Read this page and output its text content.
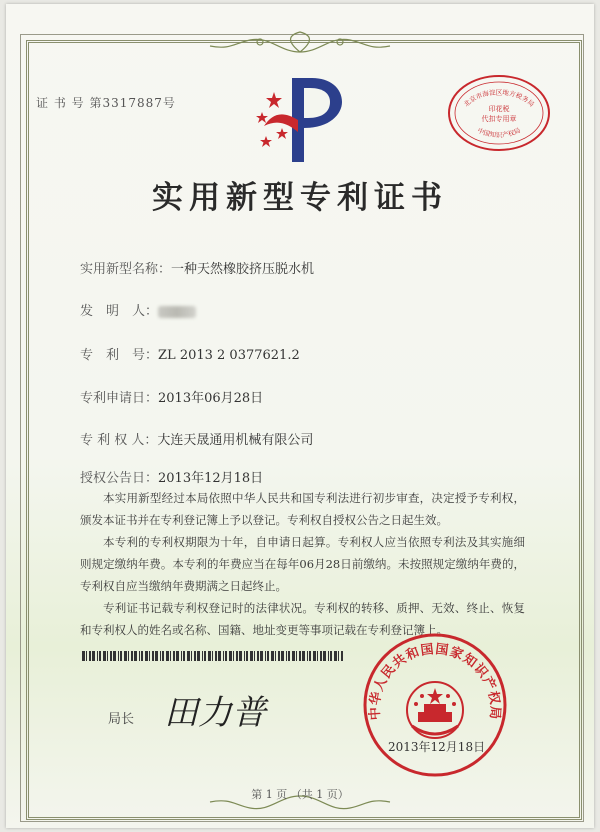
证 书 号 第3317887号	北京市海淀区地方税务局
印花税
代扣专用章
中国知识产权局
实用新型专利证书
实用新型名称：一种天然橡胶挤压脱水机
发　明　人：
专　利　号：ZL 2013 2 0377621.2
专利申请日：2013年06月28日
专 利 权 人：大连天晟通用机械有限公司
授权公告日：2013年12月18日

本实用新型经过本局依照中华人民共和国专利法进行初步审查，决定授予专利权，颁发本证书并在专利登记簿上予以登记。专利权自授权公告之日起生效。

本专利的专利权期限为十年，自申请日起算。专利权人应当依照专利法及其实施细则规定缴纳年费。本专利的年费应当在每年06月28日前缴纳。未按照规定缴纳年费的，专利权自应当缴纳年费期满之日起终止。

专利证书记载专利权登记时的法律状况。专利权的转移、质押、无效、终止、恢复和专利权人的姓名或名称、国籍、地址变更等事项记载在专利登记簿上。

局长 田力普	中华人民共和国国家知识产权局
2013年12月18日
第 1 页 （共 1 页）
